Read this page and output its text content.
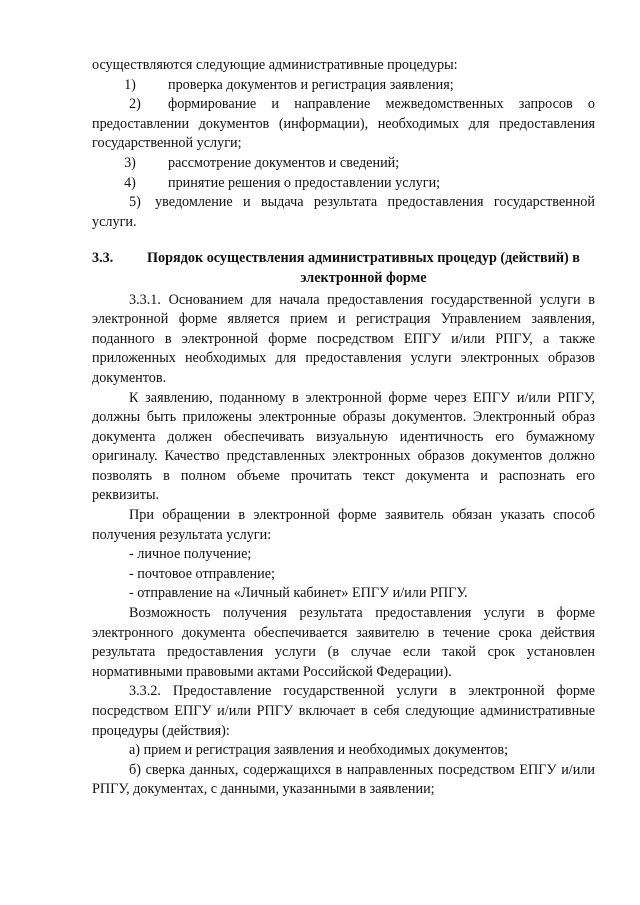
осуществляются следующие административные процедуры:

1)	проверка документов и регистрация заявления;

2) формирование и направление межведомственных запросов о предоставлении документов (информации), необходимых для предоставления государственной услуги;

3)	рассмотрение документов и сведений;
4)	принятие решения о предоставлении услуги;

5) уведомление и выдача результата предоставления государственной услуги.

3.3.	Порядок осуществления административных процедур (действий) в электронной форме

3.3.1. Основанием для начала предоставления государственной услуги в электронной форме является прием и регистрация Управлением заявления, поданного в электронной форме посредством ЕПГУ и/или РПГУ, а также приложенных необходимых для предоставления услуги электронных образов документов.

К заявлению, поданному в электронной форме через ЕПГУ и/или РПГУ, должны быть приложены электронные образы документов. Электронный образ документа должен обеспечивать визуальную идентичность его бумажному оригиналу. Качество представленных электронных образов документов должно позволять в полном объеме прочитать текст документа и распознать его реквизиты.

При обращении в электронной форме заявитель обязан указать способ получения результата услуги:

- личное получение;

- почтовое отправление;

- отправление на «Личный кабинет» ЕПГУ и/или РПГУ.

Возможность получения результата предоставления услуги в форме электронного документа обеспечивается заявителю в течение срока действия результата предоставления услуги (в случае если такой срок установлен нормативными правовыми актами Российской Федерации).

3.3.2. Предоставление государственной услуги в электронной форме посредством ЕПГУ и/или РПГУ включает в себя следующие административные процедуры (действия):

а) прием и регистрация заявления и необходимых документов;

б) сверка данных, содержащихся в направленных посредством ЕПГУ и/или РПГУ, документах, с данными, указанными в заявлении;
